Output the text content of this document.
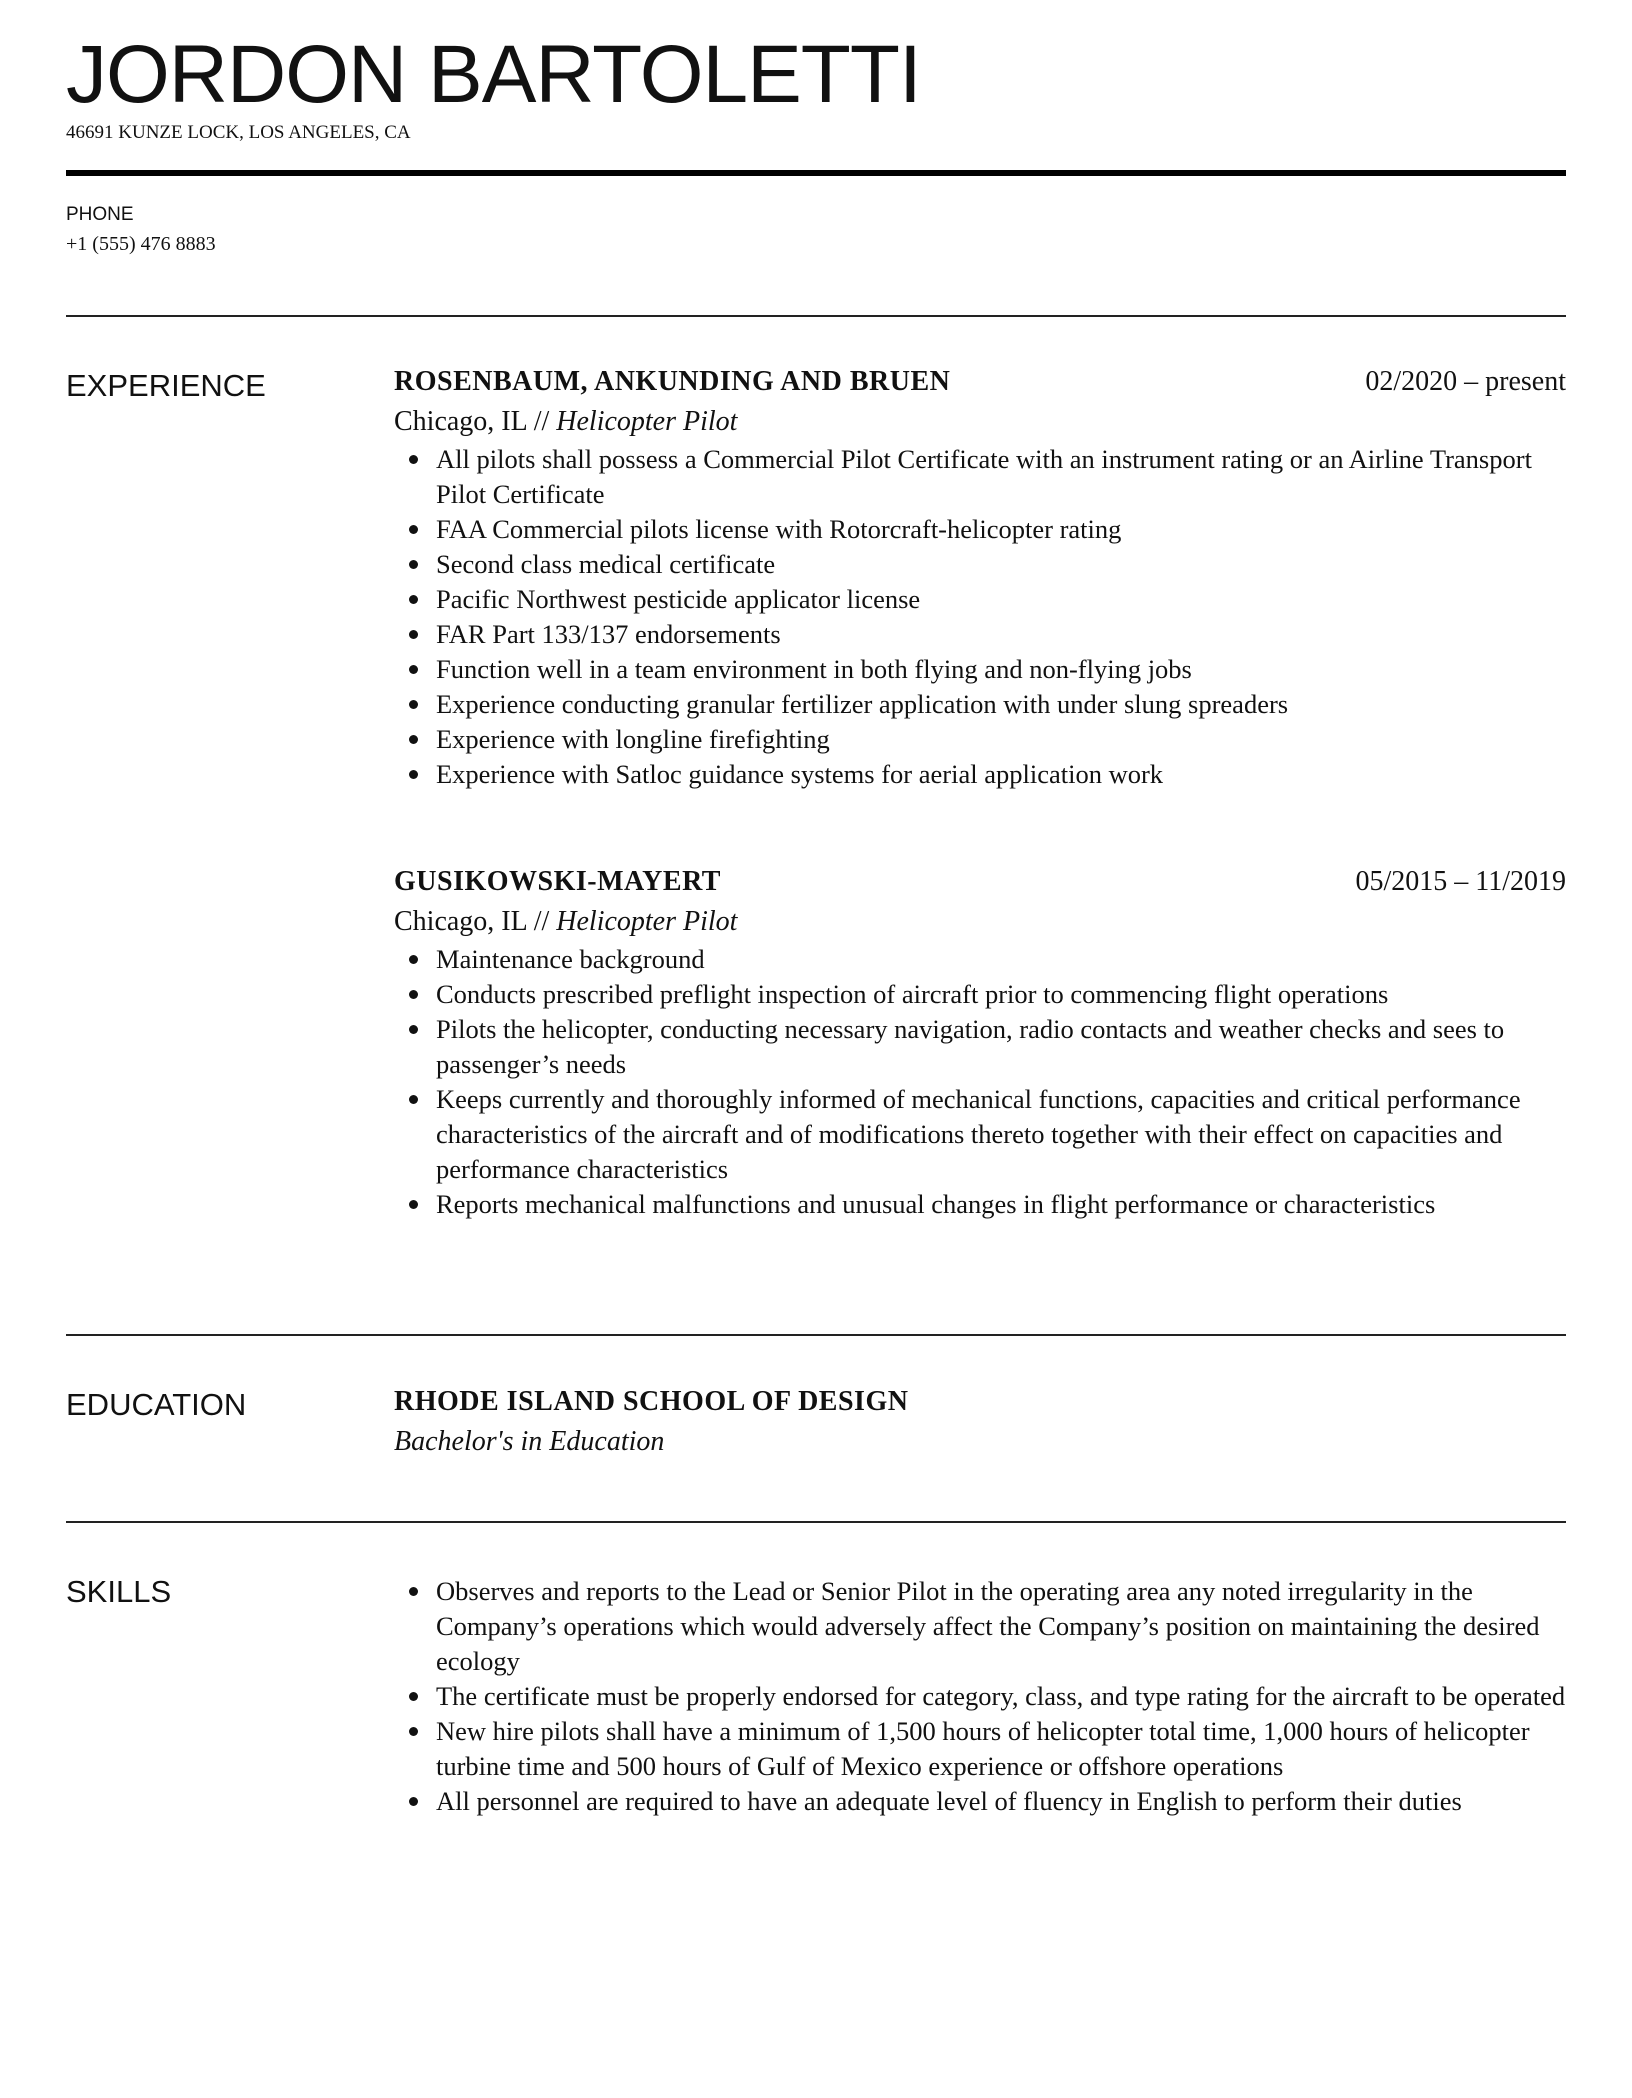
JORDON BARTOLETTI
46691 KUNZE LOCK, LOS ANGELES, CA
PHONE
+1 (555) 476 8883
EXPERIENCE	ROSENBAUM, ANKUNDING AND BRUEN	02/2020 – present
Chicago, IL // Helicopter Pilot
All pilots shall possess a Commercial Pilot Certificate with an instrument rating or an Airline Transport Pilot Certificate
FAA Commercial pilots license with Rotorcraft-helicopter rating
Second class medical certificate
Pacific Northwest pesticide applicator license
FAR Part 133/137 endorsements
Function well in a team environment in both flying and non-flying jobs
Experience conducting granular fertilizer application with under slung spreaders
Experience with longline firefighting
Experience with Satloc guidance systems for aerial application work
GUSIKOWSKI-MAYERT	05/2015 – 11/2019
Chicago, IL // Helicopter Pilot
Maintenance background
Conducts prescribed preflight inspection of aircraft prior to commencing flight operations
Pilots the helicopter, conducting necessary navigation, radio contacts and weather checks and sees to passenger’s needs
Keeps currently and thoroughly informed of mechanical functions, capacities and critical performance characteristics of the aircraft and of modifications thereto together with their effect on capacities and performance characteristics
Reports mechanical malfunctions and unusual changes in flight performance or characteristics
EDUCATION	RHODE ISLAND SCHOOL OF DESIGN
Bachelor's in Education
SKILLS	Observes and reports to the Lead or Senior Pilot in the operating area any noted irregularity in the Company’s operations which would adversely affect the Company’s position on maintaining the desired ecology
The certificate must be properly endorsed for category, class, and type rating for the aircraft to be operated
New hire pilots shall have a minimum of 1,500 hours of helicopter total time, 1,000 hours of helicopter turbine time and 500 hours of Gulf of Mexico experience or offshore operations
All personnel are required to have an adequate level of fluency in English to perform their duties
